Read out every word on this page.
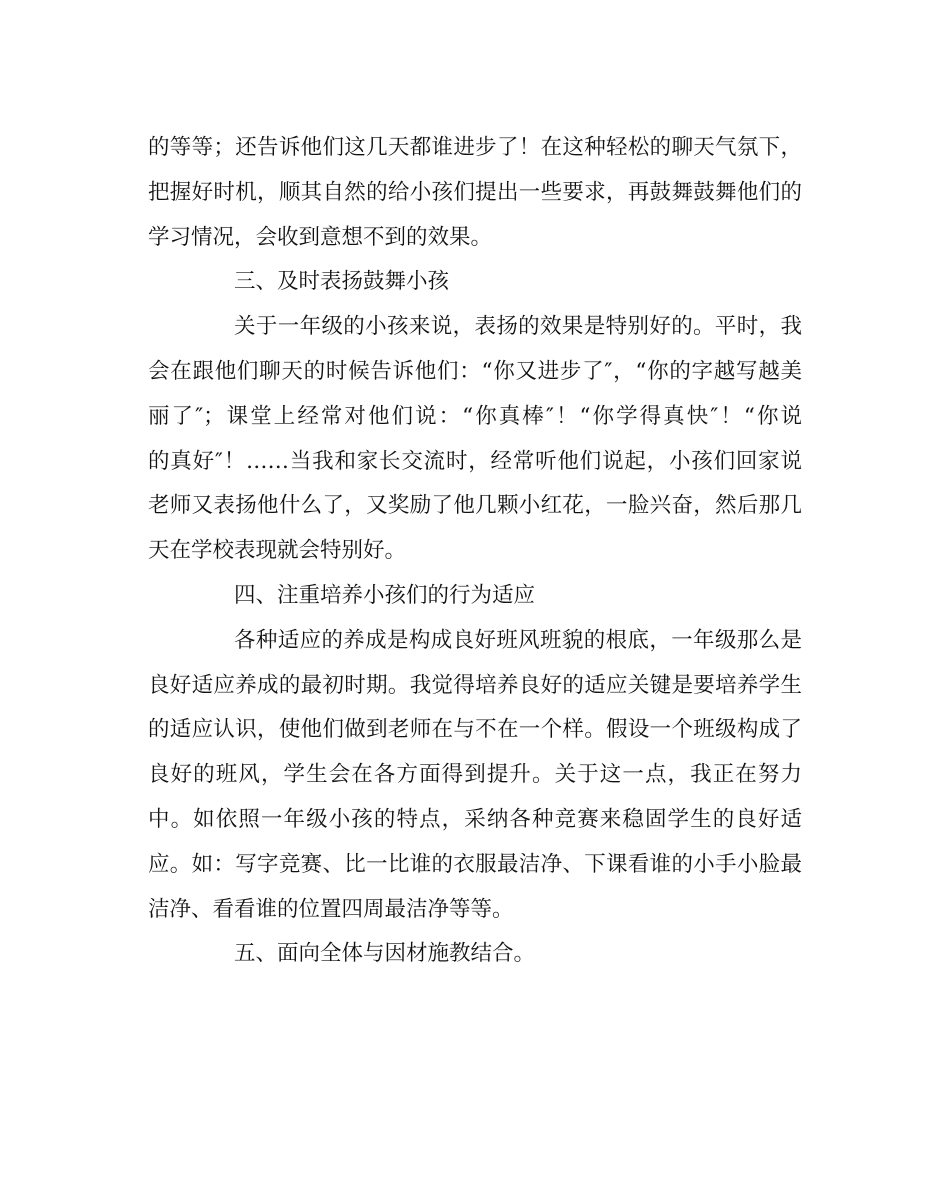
的等等；还告诉他们这几天都谁进步了！在这种轻松的聊天气氛下，
把握好时机，顺其自然的给小孩们提出一些要求，再鼓舞鼓舞他们的
学习情况，会收到意想不到的效果。
三、及时表扬鼓舞小孩
关于一年级的小孩来说，表扬的效果是特别好的。平时，我
会在跟他们聊天的时候告诉他们：“你又进步了″，“你的字越写越美
丽了″；课堂上经常对他们说：“你真棒″！“你学得真快″！“你说
的真好″！……当我和家长交流时，经常听他们说起，小孩们回家说
老师又表扬他什么了，又奖励了他几颗小红花，一脸兴奋，然后那几
天在学校表现就会特别好。
四、注重培养小孩们的行为适应
各种适应的养成是构成良好班风班貌的根底，一年级那么是
良好适应养成的最初时期。我觉得培养良好的适应关键是要培养学生
的适应认识，使他们做到老师在与不在一个样。假设一个班级构成了
良好的班风，学生会在各方面得到提升。关于这一点，我正在努力
中。如依照一年级小孩的特点，采纳各种竞赛来稳固学生的良好适
应。如：写字竞赛、比一比谁的衣服最洁净、下课看谁的小手小脸最
洁净、看看谁的位置四周最洁净等等。
五、面向全体与因材施教结合。
